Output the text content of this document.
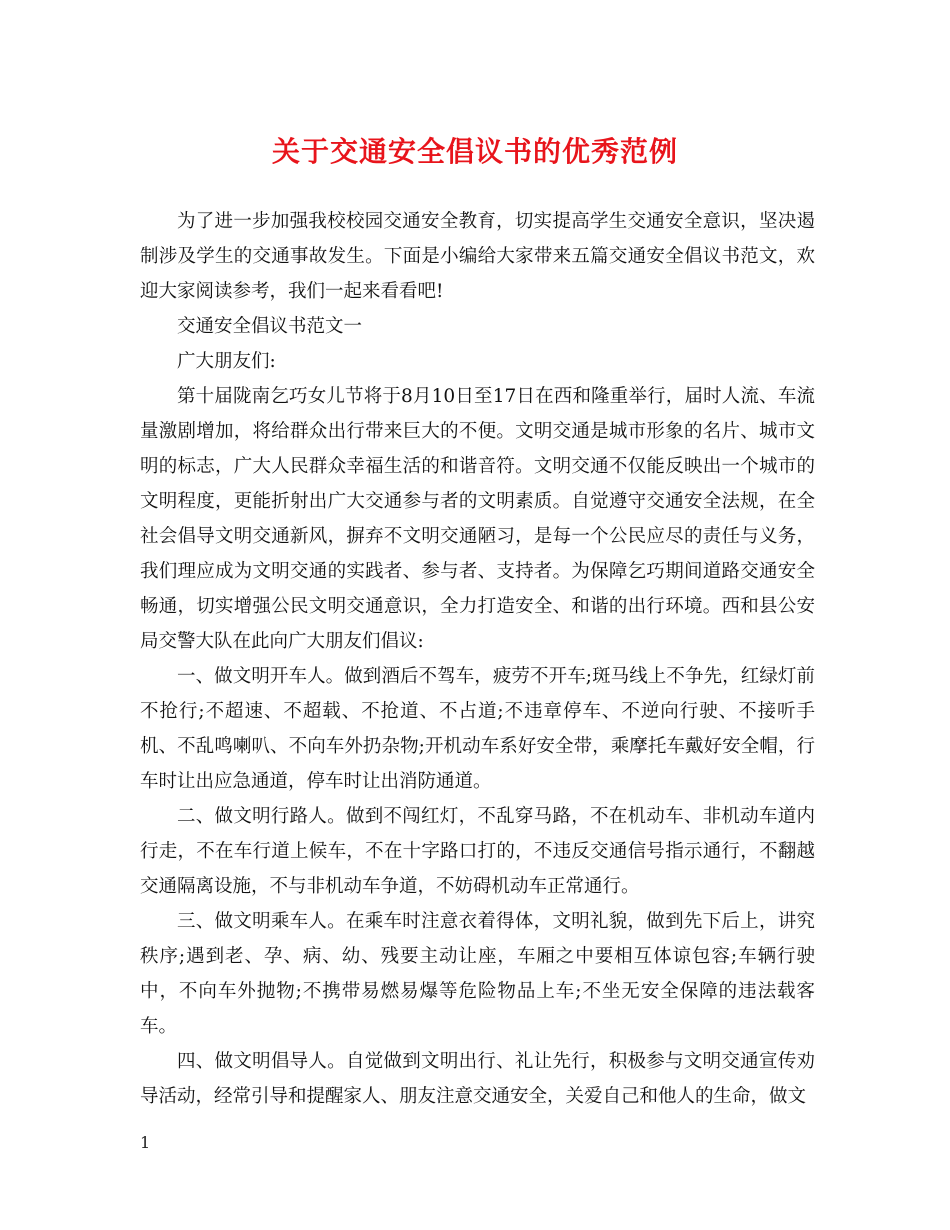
关于交通安全倡议书的优秀范例

为了进一步加强我校校园交通安全教育，切实提高学生交通安全意识，坚决遏制涉及学生的交通事故发生。下面是小编给大家带来五篇交通安全倡议书范文，欢迎大家阅读参考，我们一起来看看吧!

交通安全倡议书范文一

广大朋友们:

第十届陇南乞巧女儿节将于8月10日至17日在西和隆重举行，届时人流、车流量激剧增加，将给群众出行带来巨大的不便。文明交通是城市形象的名片、城市文明的标志，广大人民群众幸福生活的和谐音符。文明交通不仅能反映出一个城市的文明程度，更能折射出广大交通参与者的文明素质。自觉遵守交通安全法规，在全社会倡导文明交通新风，摒弃不文明交通陋习，是每一个公民应尽的责任与义务，我们理应成为文明交通的实践者、参与者、支持者。为保障乞巧期间道路交通安全畅通，切实增强公民文明交通意识，全力打造安全、和谐的出行环境。西和县公安局交警大队在此向广大朋友们倡议:

一、做文明开车人。做到酒后不驾车，疲劳不开车;斑马线上不争先，红绿灯前不抢行;不超速、不超载、不抢道、不占道;不违章停车、不逆向行驶、不接听手机、不乱鸣喇叭、不向车外扔杂物;开机动车系好安全带，乘摩托车戴好安全帽，行车时让出应急通道，停车时让出消防通道。

二、做文明行路人。做到不闯红灯，不乱穿马路，不在机动车、非机动车道内行走，不在车行道上候车，不在十字路口打的，不违反交通信号指示通行，不翻越交通隔离设施，不与非机动车争道，不妨碍机动车正常通行。

三、做文明乘车人。在乘车时注意衣着得体，文明礼貌，做到先下后上，讲究秩序;遇到老、孕、病、幼、残要主动让座，车厢之中要相互体谅包容;车辆行驶中，不向车外抛物;不携带易燃易爆等危险物品上车;不坐无安全保障的违法载客车。

四、做文明倡导人。自觉做到文明出行、礼让先行，积极参与文明交通宣传劝导活动，经常引导和提醒家人、朋友注意交通安全，关爱自己和他人的生命，做文

1
